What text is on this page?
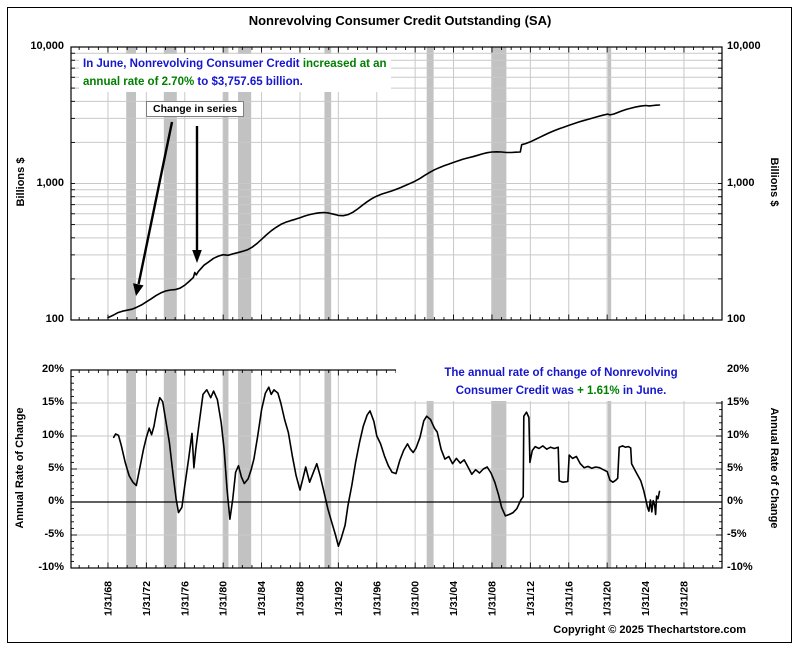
Nonrevolving Consumer Credit Outstanding (SA)
1/31/68	1/31/72	1/31/76	1/31/80	1/31/84	1/31/88	1/31/92	1/31/96	1/31/00	1/31/04	1/31/08	1/31/12	1/31/16	1/31/20	1/31/24	1/31/28
Billions $	Billions $
Annual Rate of Change	Annual Rate of Change
In June, Nonrevolving Consumer Credit increased at an
annual rate of 2.70% to $3,757.65 billion.
The annual rate of change of Nonrevolving
Consumer Credit was + 1.61% in June.
Change in series
10,000	10,000
1,000	1,000
100	100
20%	20%
15%	15%
10%	10%
5%	5%
0%	0%
-5%	-5%
-10%	-10%
Copyright © 2025 Thechartstore.com
